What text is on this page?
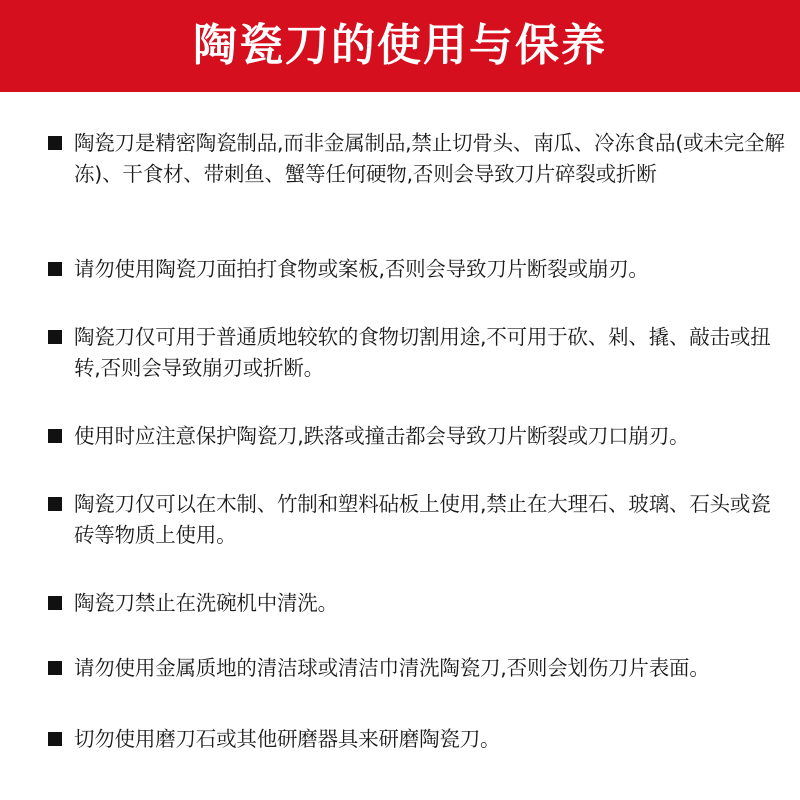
陶瓷刀的使用与保养
陶瓷刀是精密陶瓷制品,而非金属制品,禁止切骨头、南瓜、冷冻食品(或未完全解冻)、干食材、带刺鱼、蟹等任何硬物,否则会导致刀片碎裂或折断
请勿使用陶瓷刀面拍打食物或案板,否则会导致刀片断裂或崩刃。
陶瓷刀仅可用于普通质地较软的食物切割用途,不可用于砍、剁、撬、敲击或扭转,否则会导致崩刃或折断。
使用时应注意保护陶瓷刀,跌落或撞击都会导致刀片断裂或刀口崩刃。
陶瓷刀仅可以在木制、竹制和塑料砧板上使用,禁止在大理石、玻璃、石头或瓷砖等物质上使用。
陶瓷刀禁止在洗碗机中清洗。
请勿使用金属质地的清洁球或清洁巾清洗陶瓷刀,否则会划伤刀片表面。
切勿使用磨刀石或其他研磨器具来研磨陶瓷刀。
